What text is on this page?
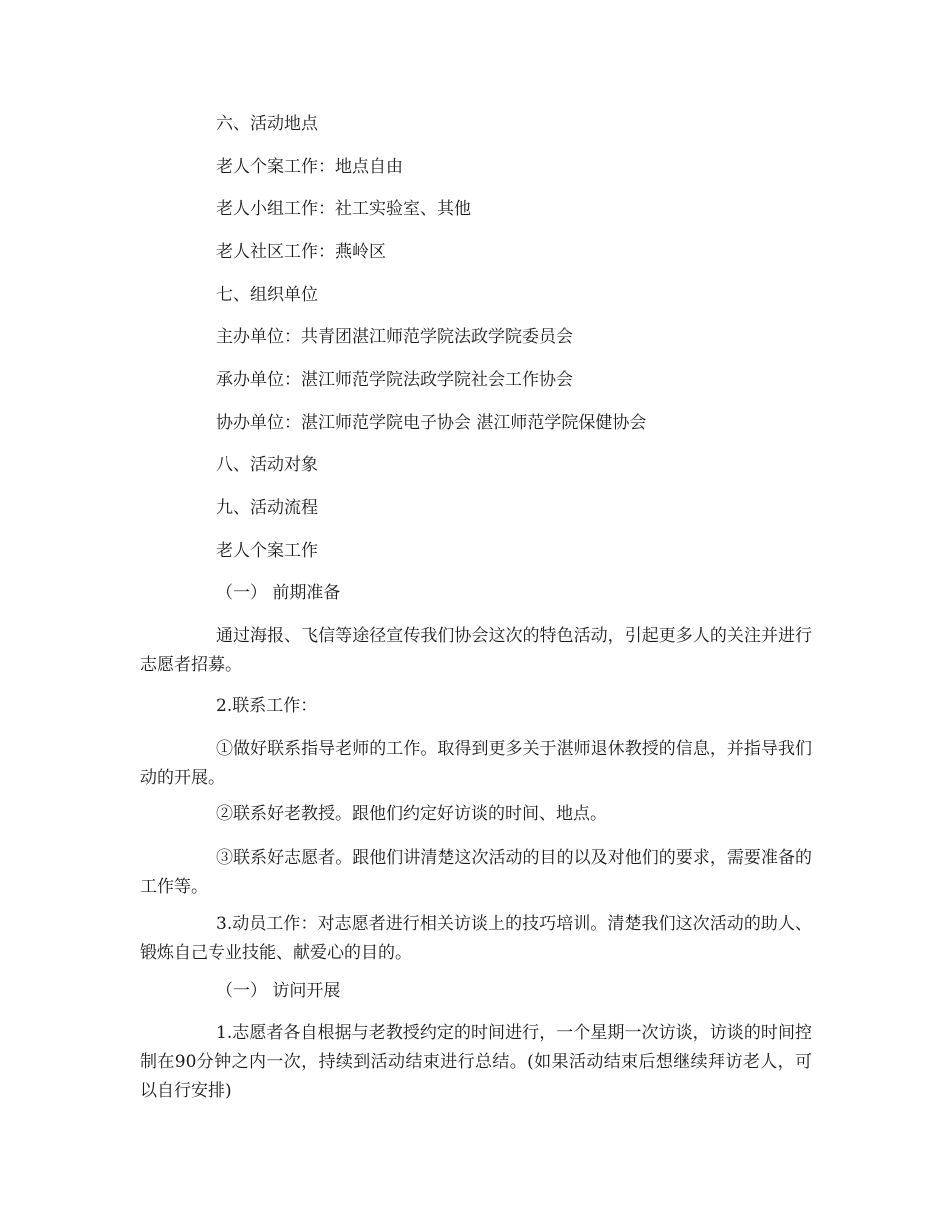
六、活动地点
老人个案工作：地点自由
老人小组工作：社工实验室、其他
老人社区工作：燕岭区
七、组织单位
主办单位：共青团湛江师范学院法政学院委员会
承办单位：湛江师范学院法政学院社会工作协会
协办单位：湛江师范学院电子协会 湛江师范学院保健协会
八、活动对象
九、活动流程
老人个案工作
（一） 前期准备
通过海报、飞信等途径宣传我们协会这次的特色活动，引起更多人的关注并进行志愿者招募。
2.联系工作：
①做好联系指导老师的工作。取得到更多关于湛师退休教授的信息，并指导我们动的开展。
②联系好老教授。跟他们约定好访谈的时间、地点。
③联系好志愿者。跟他们讲清楚这次活动的目的以及对他们的要求，需要准备的工作等。
3.动员工作：对志愿者进行相关访谈上的技巧培训。清楚我们这次活动的助人、锻炼自己专业技能、献爱心的目的。
（一） 访问开展
1.志愿者各自根据与老教授约定的时间进行，一个星期一次访谈，访谈的时间控制在90分钟之内一次，持续到活动结束进行总结。(如果活动结束后想继续拜访老人，可以自行安排)
